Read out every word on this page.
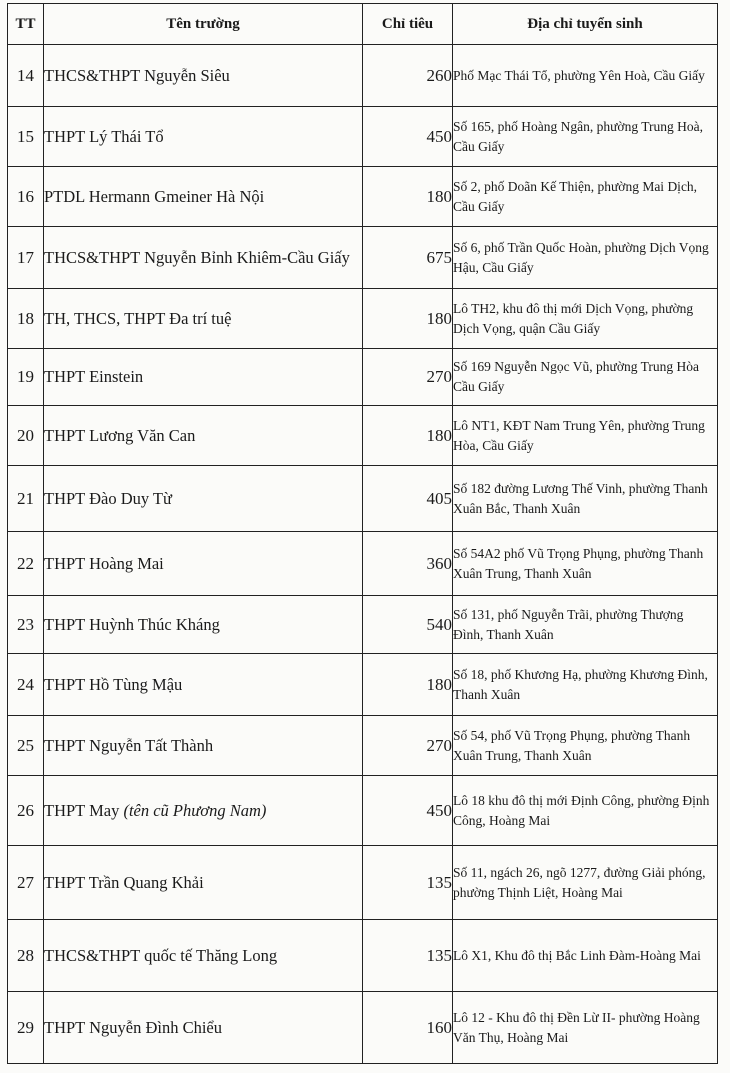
TT	Tên trường	Chỉ tiêu	Địa chỉ tuyển sinh
14	THCS&THPT Nguyễn Siêu	260	Phố Mạc Thái Tổ, phường Yên Hoà, Cầu Giấy
15	THPT Lý Thái Tổ	450	Số 165, phố Hoàng Ngân, phường Trung Hoà, Cầu Giấy
16	PTDL Hermann Gmeiner Hà Nội	180	Số 2, phố Doãn Kế Thiện, phường Mai Dịch, Cầu Giấy
17	THCS&THPT Nguyễn Bỉnh Khiêm-Cầu Giấy	675	Số 6, phố Trần Quốc Hoàn, phường Dịch Vọng Hậu, Cầu Giấy
18	TH, THCS, THPT Đa trí tuệ	180	Lô TH2, khu đô thị mới Dịch Vọng, phường Dịch Vọng, quận Cầu Giấy
19	THPT Einstein	270	Số 169 Nguyễn Ngọc Vũ, phường Trung Hòa Cầu Giấy
20	THPT Lương Văn Can	180	Lô NT1, KĐT Nam Trung Yên, phường Trung Hòa, Cầu Giấy
21	THPT Đào Duy Từ	405	Số 182 đường Lương Thế Vinh, phường Thanh Xuân Bắc, Thanh Xuân
22	THPT Hoàng Mai	360	Số 54A2 phố Vũ Trọng Phụng, phường Thanh Xuân Trung, Thanh Xuân
23	THPT Huỳnh Thúc Kháng	540	Số 131, phố Nguyễn Trãi, phường Thượng Đình, Thanh Xuân
24	THPT Hồ Tùng Mậu	180	Số 18, phố Khương Hạ, phường Khương Đình, Thanh Xuân
25	THPT Nguyễn Tất Thành	270	Số 54, phố Vũ Trọng Phụng, phường Thanh Xuân Trung, Thanh Xuân
26	THPT May (tên cũ Phương Nam)	450	Lô 18 khu đô thị mới Định Công, phường Định Công, Hoàng Mai
27	THPT Trần Quang Khải	135	Số 11, ngách 26, ngõ 1277, đường Giải phóng, phường Thịnh Liệt, Hoàng Mai
28	THCS&THPT quốc tế Thăng Long	135	Lô X1, Khu đô thị Bắc Linh Đàm-Hoàng Mai
29	THPT Nguyễn Đình Chiểu	160	Lô 12 - Khu đô thị Đền Lừ II- phường Hoàng Văn Thụ, Hoàng Mai
